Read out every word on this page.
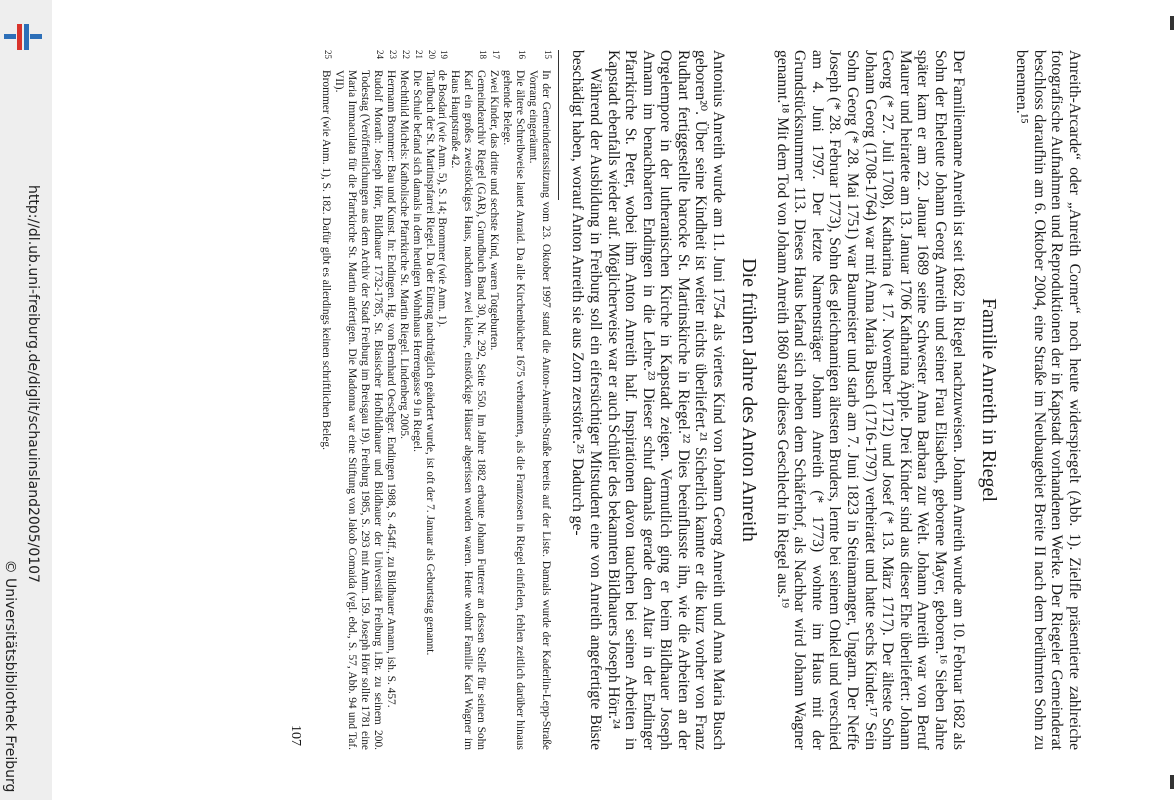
http://dl.ub.uni-freiburg.de/diglit/schauinsland2005/0107
© Universitätsbibliothek Freiburg	Anreith-Arcarde“ oder „Anreith Corner“ noch heute widerspiegelt (Abb. 1). Zielfle präsentierte zahlreiche fotografische Aufnahmen und Reproduktionen der in Kapstadt vorhandenen Werke. Der Riegeler Gemeinderat beschloss daraufhin am 6. Oktober 2004, eine Straße im Neubaugebiet Breite II nach dem berühmten Sohn zu benennen.¹⁵

Familie Anreith in Riegel

Der Familienname Anreith ist seit 1682 in Riegel nachzuweisen. Johann Anreith wurde am 10. Februar 1682 als Sohn der Eheleute Johann Georg Anreith und seiner Frau Elisabeth, geborene Mayer, geboren.¹⁶ Sieben Jahre später kam er am 22. Januar 1689 seine Schwester Anna Barbara zur Welt. Johann Anreith war von Beruf Maurer und heiratete am 13. Januar 1706 Katharina Äpple. Drei Kinder sind aus dieser Ehe überliefert: Johann Georg (* 27. Juli 1708), Katharina (* 17. November 1712) und Josef (* 13. März 1717). Der älteste Sohn Johann Georg (1708-1764) war mit Anna Maria Busch (1716-1797) verheiratet und hatte sechs Kinder.¹⁷ Sein Sohn Georg (* 28. Mai 1751) war Baumeister und starb am 7. Juni 1823 in Steinamanger, Ungarn. Der Neffe Joseph (* 28. Februar 1773), Sohn des gleichnamigen ältesten Bruders, lernte bei seinem Onkel und verschied am 4. Juni 1797. Der letzte Namensträger Johann Anreith (* 1773) wohnte im Haus mit der Grundstücksnummer 113. Dieses Haus befand sich neben dem Schäferhof, als Nachbar wird Johann Wagner genannt.¹⁸ Mit dem Tod von Johann Anreith 1860 starb dieses Geschlecht in Riegel aus.¹⁹

Die frühen Jahre des Anton Anreith

Antonius Anreith wurde am 11. Juni 1754 als viertes Kind von Johann Georg Anreith und Anna Maria Busch geboren²⁰. Über seine Kindheit ist weiter nichts überliefert.²¹ Sicherlich kannte er die kurz vorher von Franz Rudhart fertiggestellte barocke St. Martinskirche in Riegel.²² Dies beeinflusste ihn, wie die Arbeiten an der Orgelempore in der lutheranischen Kirche in Kapstadt zeigen. Vermutlich ging er beim Bildhauer Joseph Amann im benachbarten Endingen in die Lehre.²³ Dieser schuf damals gerade den Altar in der Endinger Pfarrkirche St. Peter, wobei ihm Anton Anreith half. Inspirationen davon tauchen bei seinen Arbeiten in Kapstadt ebenfalls wieder auf. Möglicherweise war er auch Schüler des bekannten Bildhauers Joseph Hörr.²⁴

Während der Ausbildung in Freiburg soll ein eifersüchtiger Mitstudent eine von Anreith angefertigte Büste beschädigt haben, worauf Anton Anreith sie aus Zorn zerstörte.²⁵ Dadurch ge-

15
In der Gemeinderatssitzung vom 23. Oktober 1997 stand die Anton-Anreith-Straße bereits auf der Liste. Damals wurde der Kaderlin-Lepp-Straße Vorrang eingeräumt.

16
Die ältere Schreibweise lautet Anraid. Da alle Kirchenbücher 1675 verbrannten, als die Franzosen in Riegel einfielen, fehlen zeitlich darüber hinaus gehende Belege.

17
Zwei Kinder, das dritte und sechste Kind, waren Totgeburten.

18
Gemeindearchiv Riegel (GAR), Grundbuch Band 30, Nr. 292, Seite 550. Im Jahre 1882 erbaute Johann Futterer an dessen Stelle für seinen Sohn Karl ein großes zweistöckiges Haus, nachdem zwei kleine, einstöckige Häuser abgerissen worden waren. Heute wohnt Familie Karl Wagner im Haus Hauptstraße 42.

19
de Bosdari (wie Anm. 5), S. 14; Brommer (wie Anm. 1).

20
Taufbuch der St. Martinspfarrei Riegel. Da der Eintrag nachträglich geändert wurde, ist oft der 7. Januar als Geburtstag genannt.

21
Die Schule befand sich damals in dem heutigen Wohnhaus Herrengasse 9 in Riegel.

22
Mechthild Michels: Katholische Pfarrkirche St. Martin Riegel. Lindenberg 2005.

23
Hermann Brommer: Bau und Kunst. In: Endingen. Hg. von Bernhard Oeschger. Endingen 1988, S. 454ff., zu Bildhauer Amann, ish. S. 457.

24
Rudolf Morath: Joseph Hörr, Bildhauer 1732-1785, St. Blasischer Hofbildhauer und Bildhauer der Universität Freiburg i.Br. zu seinem 200. Todestag (Veröffentlichungen aus dem Archiv der Stadt Freiburg im Breisgau 19). Freiburg 1985, S. 293 mit Anm. 159. Joseph Hörr sollte 1781 eine Maria Immaculata für die Pfarrkirche St. Martin anfertigen. Die Madonna war eine Stiftung von Jakob Comaida (vgl. ebd., S. 57, Abb. 94 und Taf. VII).

25
Brommer (wie Anm. 1), S. 182. Dafür gibt es allerdings keinen schriftlichen Beleg.

107
